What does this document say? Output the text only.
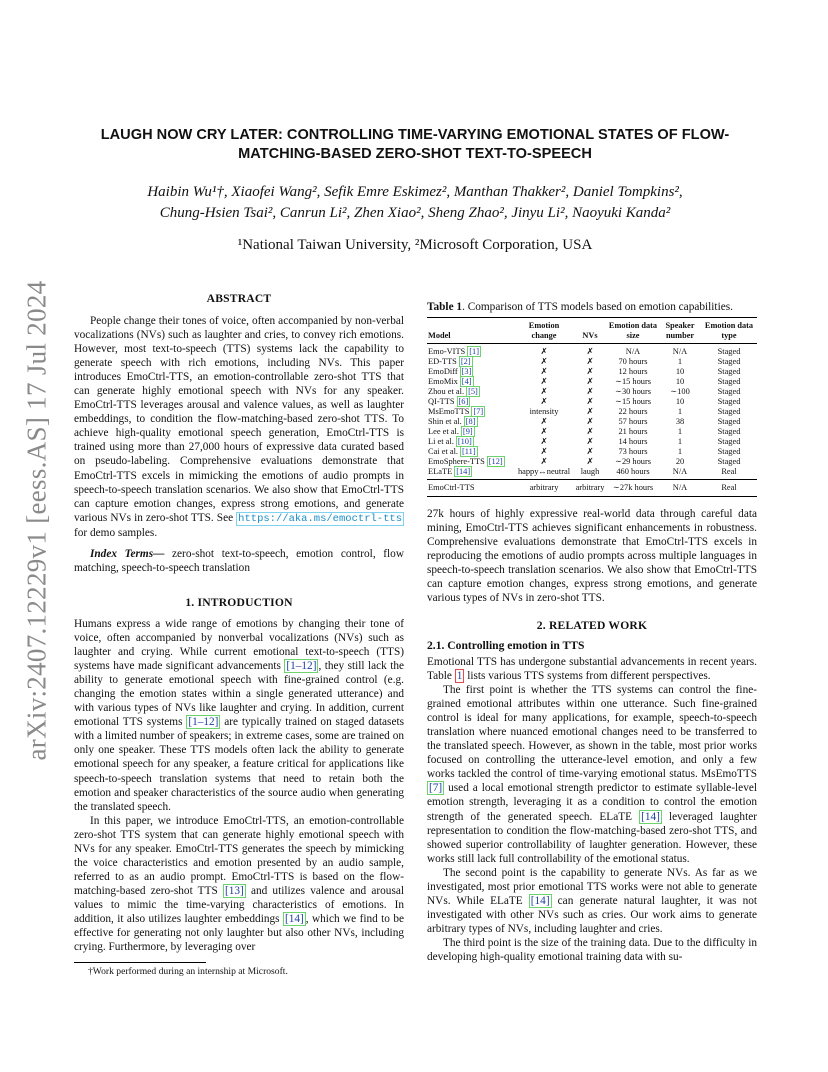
arXiv:2407.12229v1 [eess.AS] 17 Jul 2024
LAUGH NOW CRY LATER: CONTROLLING TIME-VARYING EMOTIONAL STATES OF FLOW-MATCHING-BASED ZERO-SHOT TEXT-TO-SPEECH
Haibin Wu¹†, Xiaofei Wang², Sefik Emre Eskimez², Manthan Thakker², Daniel Tompkins²,
Chung-Hsien Tsai², Canrun Li², Zhen Xiao², Sheng Zhao², Jinyu Li², Naoyuki Kanda²
¹National Taiwan University, ²Microsoft Corporation, USA
ABSTRACT

People change their tones of voice, often accompanied by non-verbal vocalizations (NVs) such as laughter and cries, to convey rich emotions. However, most text-to-speech (TTS) systems lack the capability to generate speech with rich emotions, including NVs. This paper introduces EmoCtrl-TTS, an emotion-controllable zero-shot TTS that can generate highly emotional speech with NVs for any speaker. EmoCtrl-TTS leverages arousal and valence values, as well as laughter embeddings, to condition the flow-matching-based zero-shot TTS. To achieve high-quality emotional speech generation, EmoCtrl-TTS is trained using more than 27,000 hours of expressive data curated based on pseudo-labeling. Comprehensive evaluations demonstrate that EmoCtrl-TTS excels in mimicking the emotions of audio prompts in speech-to-speech translation scenarios. We also show that EmoCtrl-TTS can capture emotion changes, express strong emotions, and generate various NVs in zero-shot TTS. See https://aka.ms/emoctrl-tts for demo samples.

Index Terms— zero-shot text-to-speech, emotion control, flow matching, speech-to-speech translation

1. INTRODUCTION

Humans express a wide range of emotions by changing their tone of voice, often accompanied by nonverbal vocalizations (NVs) such as laughter and crying. While current emotional text-to-speech (TTS) systems have made significant advancements [1–12] , they still lack the ability to generate emotional speech with fine-grained control (e.g. changing the emotion states within a single generated utterance) and with various types of NVs like laughter and crying. In addition, current emotional TTS systems [1–12] are typically trained on staged datasets with a limited number of speakers; in extreme cases, some are trained on only one speaker. These TTS models often lack the ability to generate emotional speech for any speaker, a feature critical for applications like speech-to-speech translation systems that need to retain both the emotion and speaker characteristics of the source audio when generating the translated speech.

In this paper, we introduce EmoCtrl-TTS, an emotion-controllable zero-shot TTS system that can generate highly emotional speech with NVs for any speaker. EmoCtrl-TTS generates the speech by mimicking the voice characteristics and emotion presented by an audio sample, referred to as an audio prompt. EmoCtrl-TTS is based on the flow-matching-based zero-shot TTS [13] and utilizes valence and arousal values to mimic the time-varying characteristics of emotions. In addition, it also utilizes laughter embeddings [14] , which we find to be effective for generating not only laughter but also other NVs, including crying. Furthermore, by leveraging over

†Work performed during an internship at Microsoft.
Table 1. Comparison of TTS models based on emotion capabilities.
Model	Emotion change	NVs	Emotion data size	Speaker number	Emotion data type
Emo-VITS [1]	✗	✗	N/A	N/A	Staged
ED-TTS [2]	✗	✗	70 hours	1	Staged
EmoDiff [3]	✗	✗	12 hours	10	Staged
EmoMix [4]	✗	✗	∼15 hours	10	Staged
Zhou et al. [5]	✗	✗	∼30 hours	∼100	Staged
QI-TTS [6]	✗	✗	∼15 hours	10	Staged
MsEmoTTS [7]	intensity	✗	22 hours	1	Staged
Shin et al. [8]	✗	✗	57 hours	38	Staged
Lee et al. [9]	✗	✗	21 hours	1	Staged
Li et al. [10]	✗	✗	14 hours	1	Staged
Cai et al. [11]	✗	✗	73 hours	1	Staged
EmoSphere-TTS [12]	✗	✗	∼29 hours	20	Staged
ELaTE [14]	happy↔neutral	laugh	460 hours	N/A	Real
EmoCtrl-TTS	arbitrary	arbitrary	∼27k hours	N/A	Real

27k hours of highly expressive real-world data through careful data mining, EmoCtrl-TTS achieves significant enhancements in robustness. Comprehensive evaluations demonstrate that EmoCtrl-TTS excels in reproducing the emotions of audio prompts across multiple languages in speech-to-speech translation scenarios. We also show that EmoCtrl-TTS can capture emotion changes, express strong emotions, and generate various types of NVs in zero-shot TTS.

2. RELATED WORK
2.1. Controlling emotion in TTS

Emotional TTS has undergone substantial advancements in recent years. Table 1 lists various TTS systems from different perspectives.

The first point is whether the TTS systems can control the fine-grained emotional attributes within one utterance. Such fine-grained control is ideal for many applications, for example, speech-to-speech translation where nuanced emotional changes need to be transferred to the translated speech. However, as shown in the table, most prior works focused on controlling the utterance-level emotion, and only a few works tackled the control of time-varying emotional status. MsEmoTTS [7] used a local emotional strength predictor to estimate syllable-level emotion strength, leveraging it as a condition to control the emotion strength of the generated speech. ELaTE [14] leveraged laughter representation to condition the flow-matching-based zero-shot TTS, and showed superior controllability of laughter generation. However, these works still lack full controllability of the emotional status.

The second point is the capability to generate NVs. As far as we investigated, most prior emotional TTS works were not able to generate NVs. While ELaTE [14] can generate natural laughter, it was not investigated with other NVs such as cries. Our work aims to generate arbitrary types of NVs, including laughter and cries.

The third point is the size of the training data. Due to the difficulty in developing high-quality emotional training data with su-
